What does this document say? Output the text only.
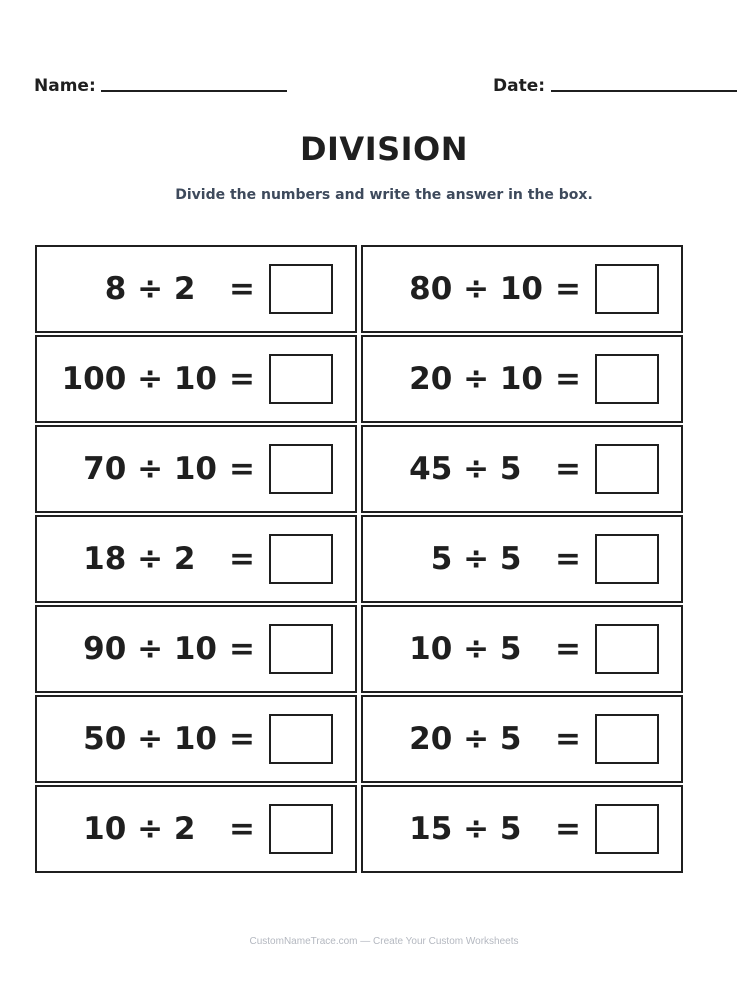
Name:	Date:
DIVISION
Divide the numbers and write the answer in the box.
8 ÷ 2 =	80 ÷ 10 =
100 ÷ 10 =	20 ÷ 10 =
70 ÷ 10 =	45 ÷ 5 =
18 ÷ 2 =	5 ÷ 5 =
90 ÷ 10 =	10 ÷ 5 =
50 ÷ 10 =	20 ÷ 5 =
10 ÷ 2 =	15 ÷ 5 =
CustomNameTrace.com — Create Your Custom Worksheets
